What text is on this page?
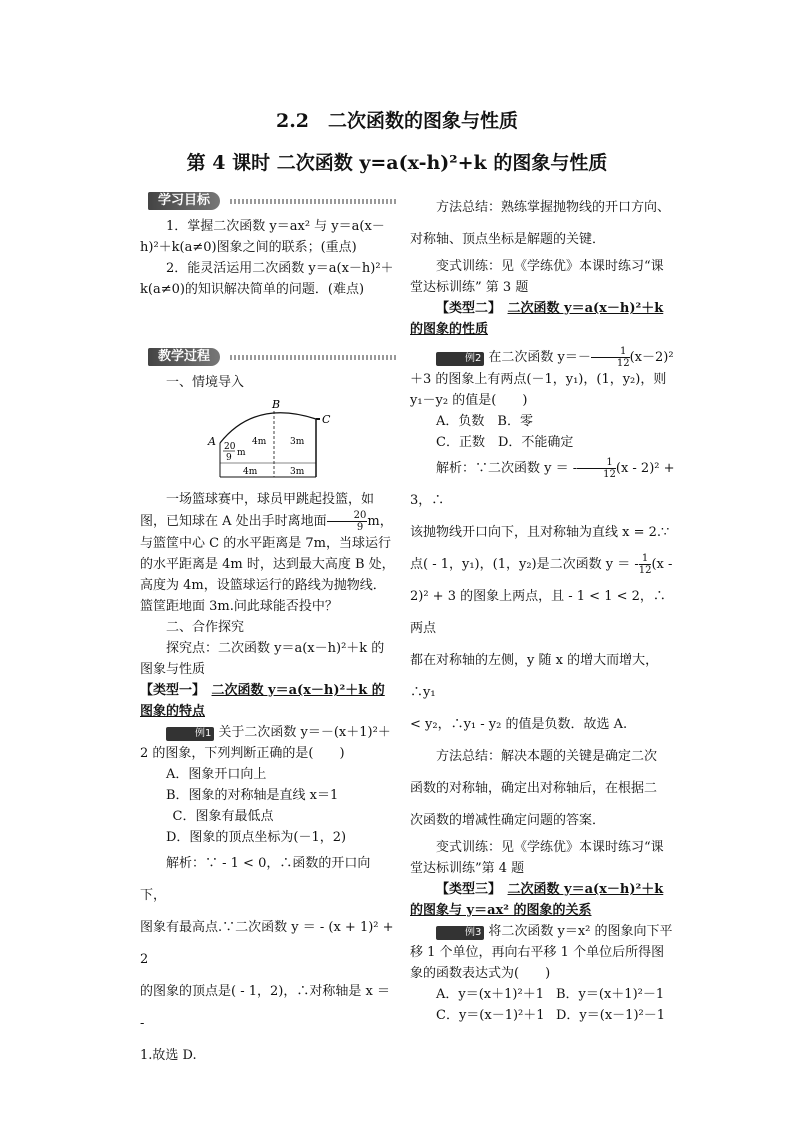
2.2　二次函数的图象与性质
第 4 课时 二次函数 y=a(x-h)²+k 的图象与性质
学习目标

1．掌握二次函数 y＝ax² 与 y＝a(x－h)²＋k(a≠0)图象之间的联系；(重点)

2．能灵活运用二次函数 y＝a(x－h)²＋k(a≠0)的知识解决简单的问题．(难点)

教学过程

一、情境导入

A
B
C
20
9 m
4m	3m
4m	3m

一场篮球赛中，球员甲跳起投篮，如图，已知球在 A 处出手时离地面 $\frac{20}{9}$ m，与篮筐中心 C 的水平距离是 7m，当球运行的水平距离是 4m 时，达到最大高度 B 处，高度为 4m，设篮球运行的路线为抛物线．篮筐距地面 3m.问此球能否投中？

二、合作探究

探究点：二次函数 y＝a(x－h)²＋k 的图象与性质

【类型一】　 二次函数 y＝a(x－h)²＋k 的图象的特点

例1 关于二次函数 y＝－(x＋1)²＋2 的图象，下列判断正确的是(　　)

A．图象开口向上

B．图象的对称轴是直线 x＝1

C．图象有最低点

D．图象的顶点坐标为(－1，2)

解析：∵ - 1 < 0，∴函数的开口向下，

图象有最高点.∵二次函数 y ＝ - (x + 1)² + 2

的图象的顶点是( - 1，2)，∴对称轴是 x ＝ -

1.故选 D.

方法总结：熟练掌握抛物线的开口方向、

对称轴、顶点坐标是解题的关键．

变式训练：见《学练优》本课时练习“课堂达标训练” 第 3 题

【类型二】　 二次函数 y＝a(x－h)²＋k 的图象的性质

例2 在二次函数 $y=- \frac{1}{12} (x-2)^2+3$ 的图象上有两点(－1，y₁)，(1，y₂)，则 y₁－y₂ 的值是(　　)

A．负数　 B．零

C．正数　 D．不能确定

解析：∵二次函数 y ＝ - $\frac{1}{12} (x - 2)^2 + 3$，∴

该抛物线开口向下，且对称轴为直线 x = 2.∵

点( - 1，y₁)，(1，y₂)是二次函数 y ＝ - $\frac{1}{12} (x$ -

2)² + 3 的图象上两点，且 - 1 < 1 < 2，∴两点

都在对称轴的左侧，y 随 x 的增大而增大，∴y₁

< y₂，∴y₁ - y₂ 的值是负数．故选 A.

方法总结：解决本题的关键是确定二次

函数的对称轴，确定出对称轴后，在根据二

次函数的增减性确定问题的答案．

变式训练：见《学练优》本课时练习“课堂达标训练”第 4 题

【类型三】　 二次函数 y＝a(x－h)²＋k 的图象与 y＝ax² 的图象的关系

例3 将二次函数 y＝x² 的图象向下平移 1 个单位，再向右平移 1 个单位后所得图象的函数表达式为(　　)

A．y＝(x＋1)²＋1 B．y＝(x＋1)²－1

C．y＝(x－1)²＋1 D．y＝(x－1)²－1
